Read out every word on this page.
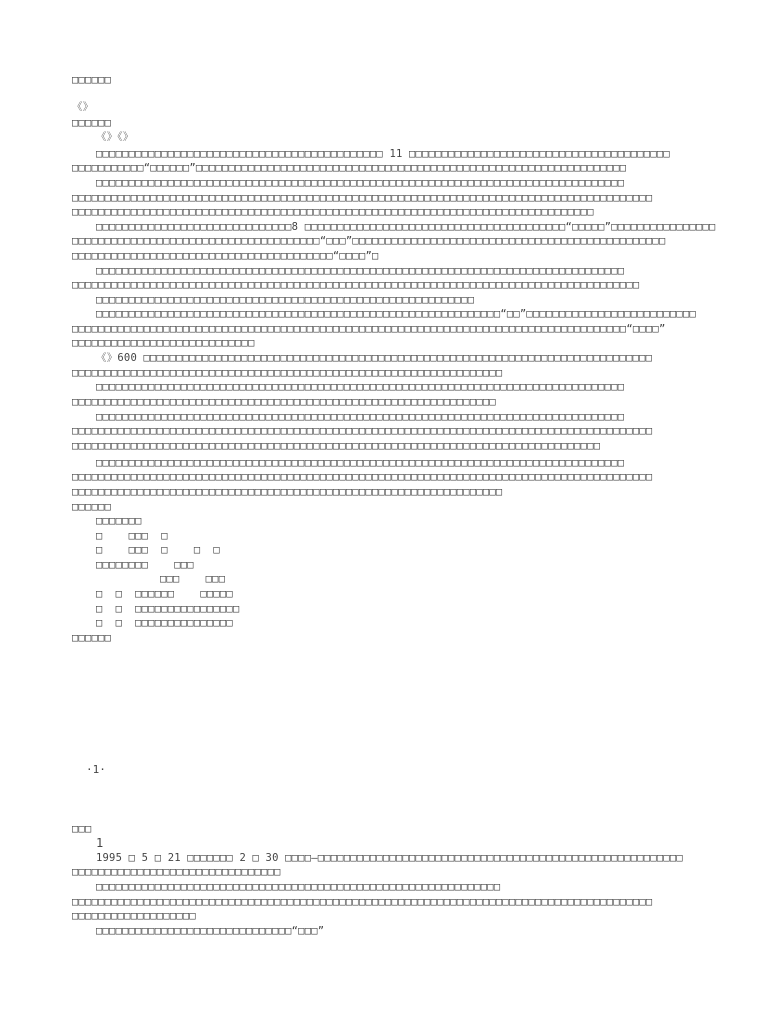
□□□□□□
《》
□□□□□□
《》《》
□□□□□□□□□□□□□□□□□□□□□□□□□□□□□□□□□□□□□□□□□□□□ 11 □□□□□□□□□□□□□□□□□□□□□□□□□□□□□□□□□□□□□□□□
□□□□□□□□□□□“□□□□□□”□□□□□□□□□□□□□□□□□□□□□□□□□□□□□□□□□□□□□□□□□□□□□□□□□□□□□□□□□□□□□□□□□□
□□□□□□□□□□□□□□□□□□□□□□□□□□□□□□□□□□□□□□□□□□□□□□□□□□□□□□□□□□□□□□□□□□□□□□□□□□□□□□□□□
□□□□□□□□□□□□□□□□□□□□□□□□□□□□□□□□□□□□□□□□□□□□□□□□□□□□□□□□□□□□□□□□□□□□□□□□□□□□□□□□□□□□□□□□□
□□□□□□□□□□□□□□□□□□□□□□□□□□□□□□□□□□□□□□□□□□□□□□□□□□□□□□□□□□□□□□□□□□□□□□□□□□□□□□□□
□□□□□□□□□□□□□□□□□□□□□□□□□□□□□□8 □□□□□□□□□□□□□□□□□□□□□□□□□□□□□□□□□□□□□□□□“□□□□□”□□□□□□□□□□□□□□□□
□□□□□□□□□□□□□□□□□□□□□□□□□□□□□□□□□□□□□□“□□□”□□□□□□□□□□□□□□□□□□□□□□□□□□□□□□□□□□□□□□□□□□□□□□□□
□□□□□□□□□□□□□□□□□□□□□□□□□□□□□□□□□□□□□□□□“□□□□”□
□□□□□□□□□□□□□□□□□□□□□□□□□□□□□□□□□□□□□□□□□□□□□□□□□□□□□□□□□□□□□□□□□□□□□□□□□□□□□□□□□
□□□□□□□□□□□□□□□□□□□□□□□□□□□□□□□□□□□□□□□□□□□□□□□□□□□□□□□□□□□□□□□□□□□□□□□□□□□□□□□□□□□□□□□
□□□□□□□□□□□□□□□□□□□□□□□□□□□□□□□□□□□□□□□□□□□□□□□□□□□□□□□□□□
□□□□□□□□□□□□□□□□□□□□□□□□□□□□□□□□□□□□□□□□□□□□□□□□□□□□□□□□□□□□□□“□□”□□□□□□□□□□□□□□□□□□□□□□□□□□
□□□□□□□□□□□□□□□□□□□□□□□□□□□□□□□□□□□□□□□□□□□□□□□□□□□□□□□□□□□□□□□□□□□□□□□□□□□□□□□□□□□□□“□□□□”
□□□□□□□□□□□□□□□□□□□□□□□□□□□□
《》600 □□□□□□□□□□□□□□□□□□□□□□□□□□□□□□□□□□□□□□□□□□□□□□□□□□□□□□□□□□□□□□□□□□□□□□□□□□□□□□
□□□□□□□□□□□□□□□□□□□□□□□□□□□□□□□□□□□□□□□□□□□□□□□□□□□□□□□□□□□□□□□□□□
□□□□□□□□□□□□□□□□□□□□□□□□□□□□□□□□□□□□□□□□□□□□□□□□□□□□□□□□□□□□□□□□□□□□□□□□□□□□□□□□□
□□□□□□□□□□□□□□□□□□□□□□□□□□□□□□□□□□□□□□□□□□□□□□□□□□□□□□□□□□□□□□□□□
□□□□□□□□□□□□□□□□□□□□□□□□□□□□□□□□□□□□□□□□□□□□□□□□□□□□□□□□□□□□□□□□□□□□□□□□□□□□□□□□□
□□□□□□□□□□□□□□□□□□□□□□□□□□□□□□□□□□□□□□□□□□□□□□□□□□□□□□□□□□□□□□□□□□□□□□□□□□□□□□□□□□□□□□□□□
□□□□□□□□□□□□□□□□□□□□□□□□□□□□□□□□□□□□□□□□□□□□□□□□□□□□□□□□□□□□□□□□□□□□□□□□□□□□□□□□□
□□□□□□□□□□□□□□□□□□□□□□□□□□□□□□□□□□□□□□□□□□□□□□□□□□□□□□□□□□□□□□□□□□□□□□□□□□□□□□□□□
□□□□□□□□□□□□□□□□□□□□□□□□□□□□□□□□□□□□□□□□□□□□□□□□□□□□□□□□□□□□□□□□□□□□□□□□□□□□□□□□□□□□□□□□□
□□□□□□□□□□□□□□□□□□□□□□□□□□□□□□□□□□□□□□□□□□□□□□□□□□□□□□□□□□□□□□□□□□
□□□□□□
□□□□□□□
□    □□□  □
□    □□□  □    □  □
□□□□□□□□    □□□
□□□    □□□
□  □  □□□□□□    □□□□□
□  □  □□□□□□□□□□□□□□□□
□  □  □□□□□□□□□□□□□□□
□□□□□□
·1·
□□□
1
1995 □ 5 □ 21 □□□□□□□ 2 □ 30 □□□□—□□□□□□□□□□□□□□□□□□□□□□□□□□□□□□□□□□□□□□□□□□□□□□□□□□□□□□□□
□□□□□□□□□□□□□□□□□□□□□□□□□□□□□□□□
□□□□□□□□□□□□□□□□□□□□□□□□□□□□□□□□□□□□□□□□□□□□□□□□□□□□□□□□□□□□□□
□□□□□□□□□□□□□□□□□□□□□□□□□□□□□□□□□□□□□□□□□□□□□□□□□□□□□□□□□□□□□□□□□□□□□□□□□□□□□□□□□□□□□□□□□
□□□□□□□□□□□□□□□□□□□
□□□□□□□□□□□□□□□□□□□□□□□□□□□□□□“□□□”
